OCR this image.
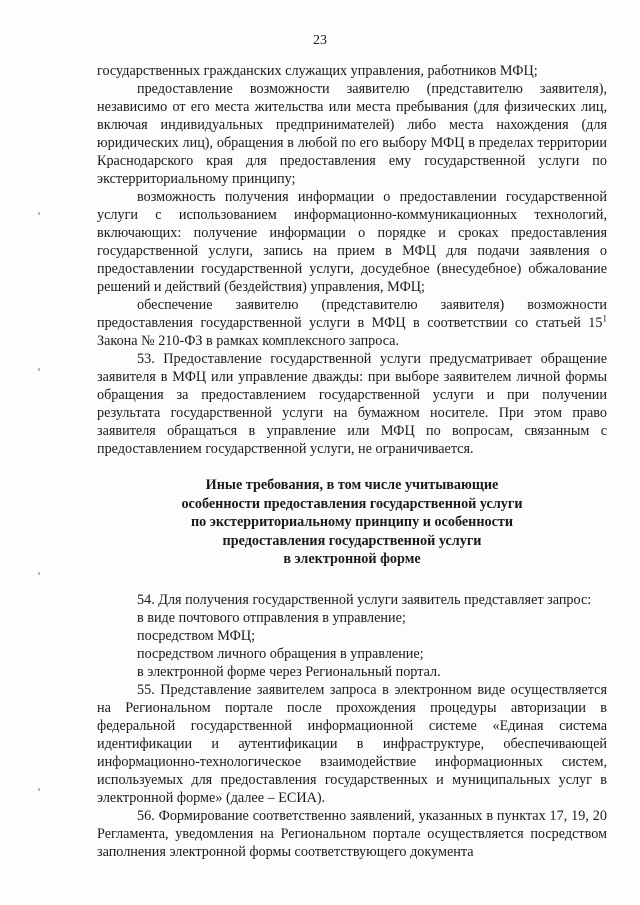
23

государственных гражданских служащих управления, работников МФЦ;

предоставление возможности заявителю (представителю заявителя), независимо от его места жительства или места пребывания (для физических лиц, включая индивидуальных предпринимателей) либо места нахождения (для юридических лиц), обращения в любой по его выбору МФЦ в пределах территории Краснодарского края для предоставления ему государственной услуги по экстерриториальному принципу;

возможность получения информации о предоставлении государственной услуги с использованием информационно-коммуникационных технологий, включающих: получение информации о порядке и сроках предоставления государственной услуги, запись на прием в МФЦ для подачи заявления о предоставлении государственной услуги, досудебное (внесудебное) обжалование решений и действий (бездействия) управления, МФЦ;

обеспечение заявителю (представителю заявителя) возможности предоставления государственной услуги в МФЦ в соответствии со статьей $15^1$ Закона № 210-ФЗ в рамках комплексного запроса.

53. Предоставление государственной услуги предусматривает обращение заявителя в МФЦ или управление дважды: при выборе заявителем личной формы обращения за предоставлением государственной услуги и при получении результата государственной услуги на бумажном носителе. При этом право заявителя обращаться в управление или МФЦ по вопросам, связанным с предоставлением государственной услуги, не ограничивается.

Иные требования, в том числе учитывающие
особенности предоставления государственной услуги
по экстерриториальному принципу и особенности
предоставления государственной услуги
в электронной форме

54. Для получения государственной услуги заявитель представляет запрос:

в виде почтового отправления в управление;

посредством МФЦ;

посредством личного обращения в управление;

в электронной форме через Региональный портал.

55. Представление заявителем запроса в электронном виде осуществляется на Региональном портале после прохождения процедуры авторизации в федеральной государственной информационной системе «Единая система идентификации и аутентификации в инфраструктуре, обеспечивающей информационно-технологическое взаимодействие информационных систем, используемых для предоставления государственных и муниципальных услуг в электронной форме» (далее – ЕСИА).

56. Формирование соответственно заявлений, указанных в пунктах 17, 19, 20 Регламента, уведомления на Региональном портале осуществляется посредством заполнения электронной формы соответствующего документа
